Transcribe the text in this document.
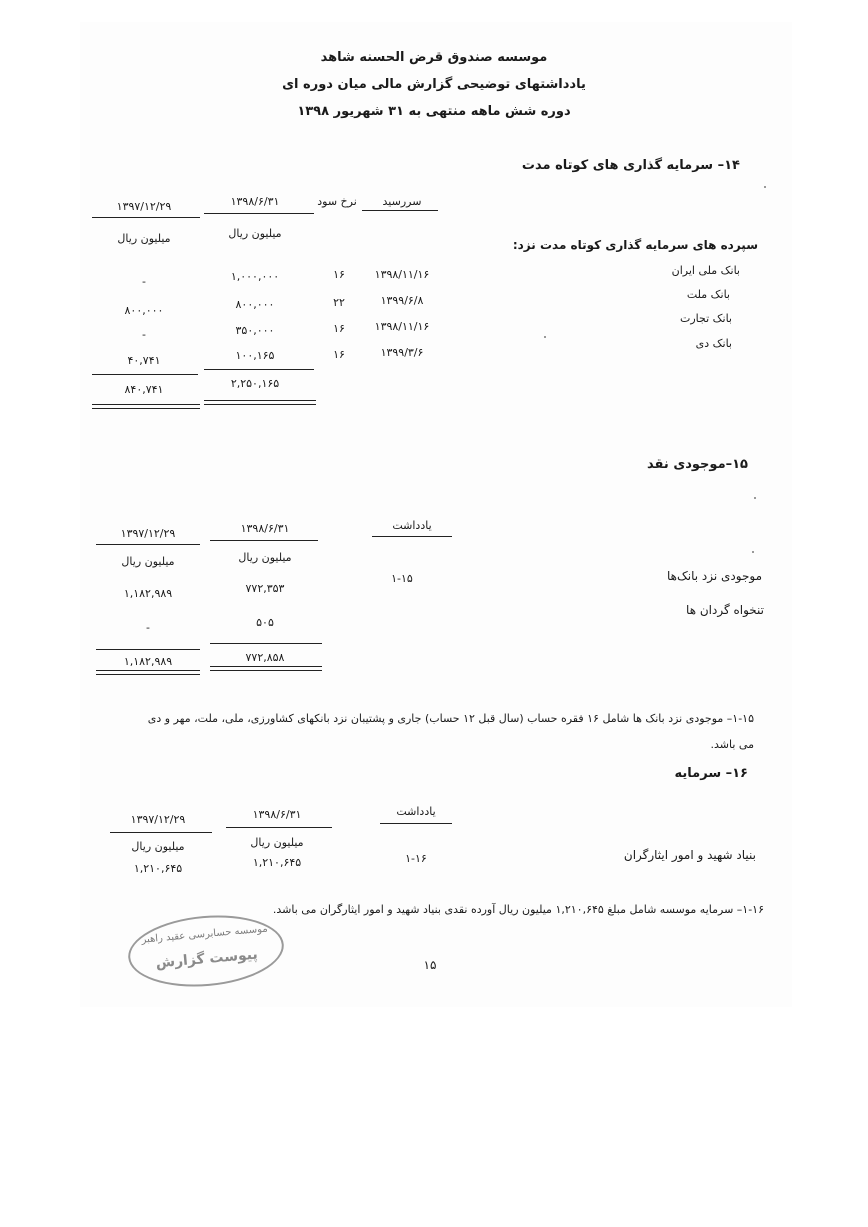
موسسه صندوق قرض الحسنه شاهد
یادداشتهای توضیحی گزارش مالی میان دوره ای
دوره شش ماهه منتهی به ۳۱ شهریور ۱۳۹۸
۱۴– سرمایه گذاری های کوتاه مدت
سررسید
نرخ سود
۱۳۹۸/۶/۳۱
۱۳۹۷/۱۲/۲۹
میلیون ریال
میلیون ریال	سپرده های سرمایه گذاری کوتاه مدت نزد:
بانک ملی ایران
۱۳۹۸/۱۱/۱۶
۱۶
۱,۰۰۰,۰۰۰
-
بانک ملت
۱۳۹۹/۶/۸
۲۲
۸۰۰,۰۰۰
۸۰۰,۰۰۰
بانک تجارت
۱۳۹۸/۱۱/۱۶
۱۶
۳۵۰,۰۰۰
-
بانک دی
۱۳۹۹/۳/۶
۱۶
۱۰۰,۱۶۵
۴۰,۷۴۱
۲,۲۵۰,۱۶۵
۸۴۰,۷۴۱
۱۵–موجودی نقد
یادداشت
۱۳۹۸/۶/۳۱
۱۳۹۷/۱۲/۲۹
میلیون ریال
میلیون ریال
موجودی نزد بانک‌ها
۱-۱۵
۷۷۲,۳۵۳
۱,۱۸۲,۹۸۹
تنخواه گردان ها
۵۰۵
-
۷۷۲,۸۵۸
۱,۱۸۲,۹۸۹
۱-۱۵– موجودی نزد بانک ها شامل ۱۶ فقره حساب (سال قبل ۱۲ حساب) جاری و پشتیبان نزد بانکهای کشاورزی، ملی، ملت، مهر و دی
می باشد.
۱۶– سرمایه
یادداشت
۱۳۹۸/۶/۳۱
۱۳۹۷/۱۲/۲۹
میلیون ریال
میلیون ریال
بنیاد شهید و امور ایثارگران
۱-۱۶
۱,۲۱۰,۶۴۵
۱,۲۱۰,۶۴۵
۱-۱۶– سرمایه موسسه شامل مبلغ ۱,۲۱۰,۶۴۵ میلیون ریال آورده نقدی بنیاد شهید و امور ایثارگران می باشد.
موسسه حسابرسی عقید راهبر
پیوست گزارش	۱۵
